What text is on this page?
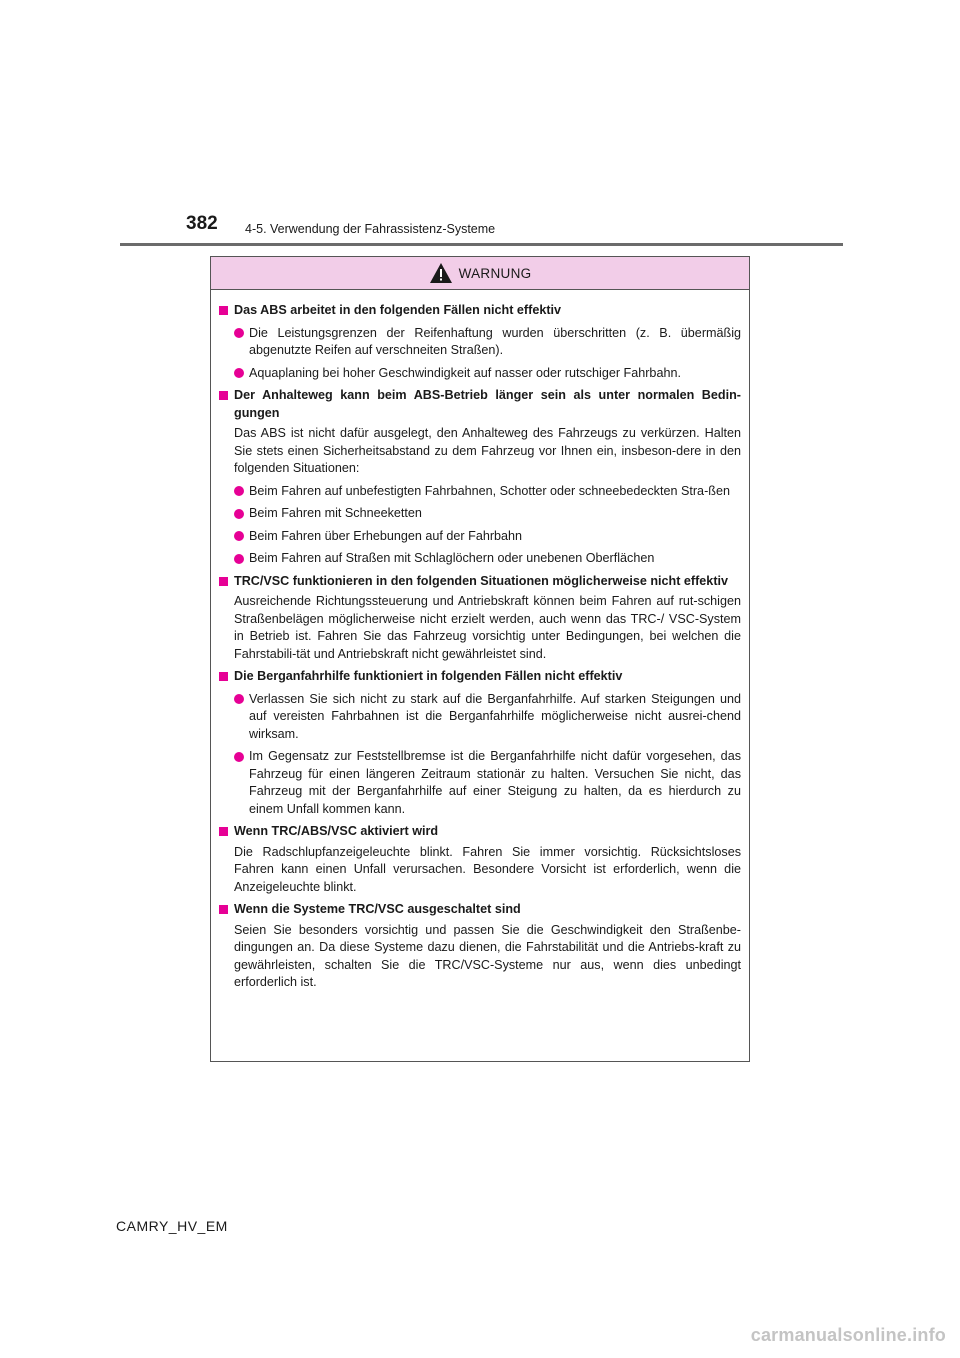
382 4-5. Verwendung der Fahrassistenz-Systeme
WARNUNG
Das ABS arbeitet in den folgenden Fällen nicht effektiv
Die Leistungsgrenzen der Reifenhaftung wurden überschritten (z. B. übermäßig abgenutzte Reifen auf verschneiten Straßen).
Aquaplaning bei hoher Geschwindigkeit auf nasser oder rutschiger Fahrbahn.
Der Anhalteweg kann beim ABS-Betrieb länger sein als unter normalen Bedin-gungen
Das ABS ist nicht dafür ausgelegt, den Anhalteweg des Fahrzeugs zu verkürzen. Halten Sie stets einen Sicherheitsabstand zu dem Fahrzeug vor Ihnen ein, insbeson-dere in den folgenden Situationen:
Beim Fahren auf unbefestigten Fahrbahnen, Schotter oder schneebedeckten Stra-ßen
Beim Fahren mit Schneeketten
Beim Fahren über Erhebungen auf der Fahrbahn
Beim Fahren auf Straßen mit Schlaglöchern oder unebenen Oberflächen
TRC/VSC funktionieren in den folgenden Situationen möglicherweise nicht effektiv
Ausreichende Richtungssteuerung und Antriebskraft können beim Fahren auf rut-schigen Straßenbelägen möglicherweise nicht erzielt werden, auch wenn das TRC-/ VSC-System in Betrieb ist. Fahren Sie das Fahrzeug vorsichtig unter Bedingungen, bei welchen die Fahrstabili-tät und Antriebskraft nicht gewährleistet sind.
Die Berganfahrhilfe funktioniert in folgenden Fällen nicht effektiv
Verlassen Sie sich nicht zu stark auf die Berganfahrhilfe. Auf starken Steigungen und auf vereisten Fahrbahnen ist die Berganfahrhilfe möglicherweise nicht ausrei-chend wirksam.
Im Gegensatz zur Feststellbremse ist die Berganfahrhilfe nicht dafür vorgesehen, das Fahrzeug für einen längeren Zeitraum stationär zu halten. Versuchen Sie nicht, das Fahrzeug mit der Berganfahrhilfe auf einer Steigung zu halten, da es hierdurch zu einem Unfall kommen kann.
Wenn TRC/ABS/VSC aktiviert wird
Die Radschlupfanzeigeleuchte blinkt. Fahren Sie immer vorsichtig. Rücksichtsloses Fahren kann einen Unfall verursachen. Besondere Vorsicht ist erforderlich, wenn die Anzeigeleuchte blinkt.
Wenn die Systeme TRC/VSC ausgeschaltet sind
Seien Sie besonders vorsichtig und passen Sie die Geschwindigkeit den Straßenbe-dingungen an. Da diese Systeme dazu dienen, die Fahrstabilität und die Antriebs-kraft zu gewährleisten, schalten Sie die TRC/VSC-Systeme nur aus, wenn dies unbedingt erforderlich ist.
CAMRY_HV_EM
carmanualsonline.info
